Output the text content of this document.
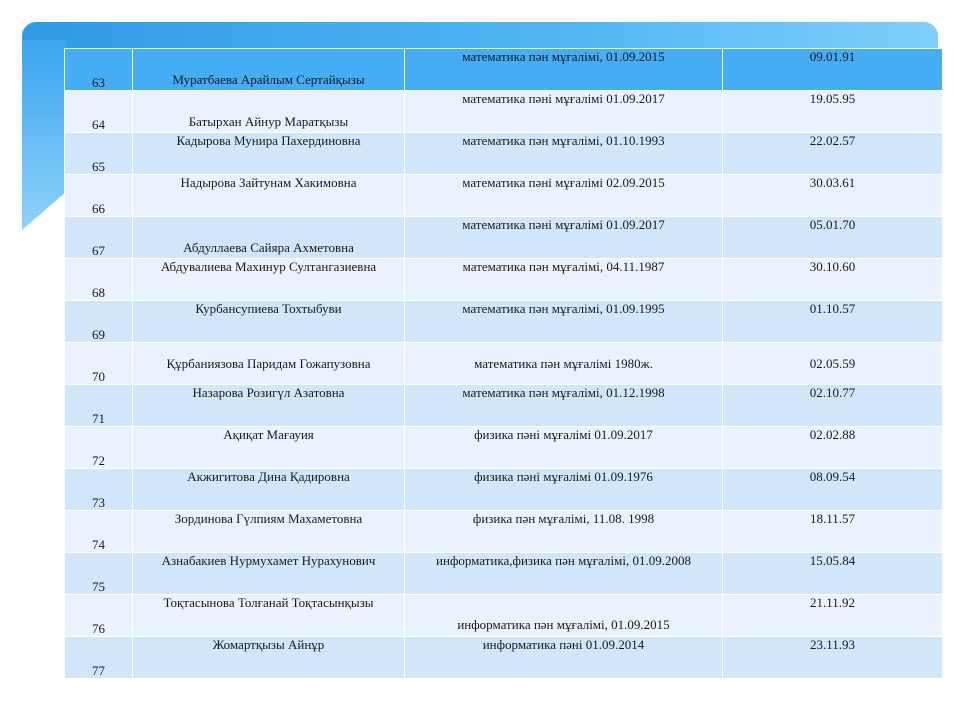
63	Муратбаева Арайлым Сертайқызы	математика пән мұғалімі, 01.09.2015	09.01.91
64	Батырхан Айнур Маратқызы	математика пәні мұғалімі 01.09.2017	19.05.95
65	Кадырова Мунира Пахердиновна	математика пән мұғалімі, 01.10.1993	22.02.57
66	Надырова Зайтунам Хакимовна	математика пәні мұғалімі 02.09.2015	30.03.61
67	Абдуллаева Сайяра Ахметовна	математика пәні мұғалімі 01.09.2017	05.01.70
68	Абдувалиева Махинур Султангазиевна	математика пән мұғалімі, 04.11.1987	30.10.60
69	Курбансупиева Тохтыбуви	математика пән мұғалімі, 01.09.1995	01.10.57
70	Құрбаниязова Паридам Гожапузовна	математика пән мұғалімі 1980ж.	02.05.59
71	Назарова Розигүл Азатовна	математика пән мұғалімі, 01.12.1998	02.10.77
72	Ақиқат Мағауия	физика пәні мұғалімі 01.09.2017	02.02.88
73	Акжигитова Дина Қадировна	физика пәні мұғалімі 01.09.1976	08.09.54
74	Зординова Гүлпиям Махаметовна	физика пән мұғалімі, 11.08. 1998	18.11.57
75	Азнабакиев Нурмухамет Нурахунович	информатика,физика пән мұғалімі, 01.09.2008	15.05.84
76	Тоқтасынова Толғанай Тоқтасынқызы	информатика пән мұғалімі, 01.09.2015	21.11.92
77	Жомартқызы Айнұр	информатика пәні 01.09.2014	23.11.93
